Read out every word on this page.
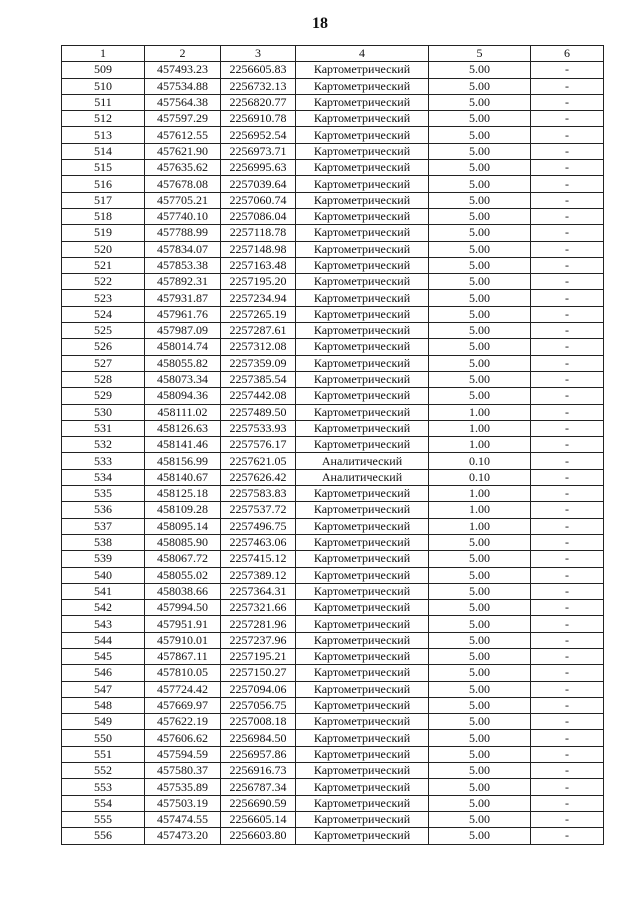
18
1	2	3	4	5	6
509	457493.23	2256605.83	Картометрический	5.00	-
510	457534.88	2256732.13	Картометрический	5.00	-
511	457564.38	2256820.77	Картометрический	5.00	-
512	457597.29	2256910.78	Картометрический	5.00	-
513	457612.55	2256952.54	Картометрический	5.00	-
514	457621.90	2256973.71	Картометрический	5.00	-
515	457635.62	2256995.63	Картометрический	5.00	-
516	457678.08	2257039.64	Картометрический	5.00	-
517	457705.21	2257060.74	Картометрический	5.00	-
518	457740.10	2257086.04	Картометрический	5.00	-
519	457788.99	2257118.78	Картометрический	5.00	-
520	457834.07	2257148.98	Картометрический	5.00	-
521	457853.38	2257163.48	Картометрический	5.00	-
522	457892.31	2257195.20	Картометрический	5.00	-
523	457931.87	2257234.94	Картометрический	5.00	-
524	457961.76	2257265.19	Картометрический	5.00	-
525	457987.09	2257287.61	Картометрический	5.00	-
526	458014.74	2257312.08	Картометрический	5.00	-
527	458055.82	2257359.09	Картометрический	5.00	-
528	458073.34	2257385.54	Картометрический	5.00	-
529	458094.36	2257442.08	Картометрический	5.00	-
530	458111.02	2257489.50	Картометрический	1.00	-
531	458126.63	2257533.93	Картометрический	1.00	-
532	458141.46	2257576.17	Картометрический	1.00	-
533	458156.99	2257621.05	Аналитический	0.10	-
534	458140.67	2257626.42	Аналитический	0.10	-
535	458125.18	2257583.83	Картометрический	1.00	-
536	458109.28	2257537.72	Картометрический	1.00	-
537	458095.14	2257496.75	Картометрический	1.00	-
538	458085.90	2257463.06	Картометрический	5.00	-
539	458067.72	2257415.12	Картометрический	5.00	-
540	458055.02	2257389.12	Картометрический	5.00	-
541	458038.66	2257364.31	Картометрический	5.00	-
542	457994.50	2257321.66	Картометрический	5.00	-
543	457951.91	2257281.96	Картометрический	5.00	-
544	457910.01	2257237.96	Картометрический	5.00	-
545	457867.11	2257195.21	Картометрический	5.00	-
546	457810.05	2257150.27	Картометрический	5.00	-
547	457724.42	2257094.06	Картометрический	5.00	-
548	457669.97	2257056.75	Картометрический	5.00	-
549	457622.19	2257008.18	Картометрический	5.00	-
550	457606.62	2256984.50	Картометрический	5.00	-
551	457594.59	2256957.86	Картометрический	5.00	-
552	457580.37	2256916.73	Картометрический	5.00	-
553	457535.89	2256787.34	Картометрический	5.00	-
554	457503.19	2256690.59	Картометрический	5.00	-
555	457474.55	2256605.14	Картометрический	5.00	-
556	457473.20	2256603.80	Картометрический	5.00	-
